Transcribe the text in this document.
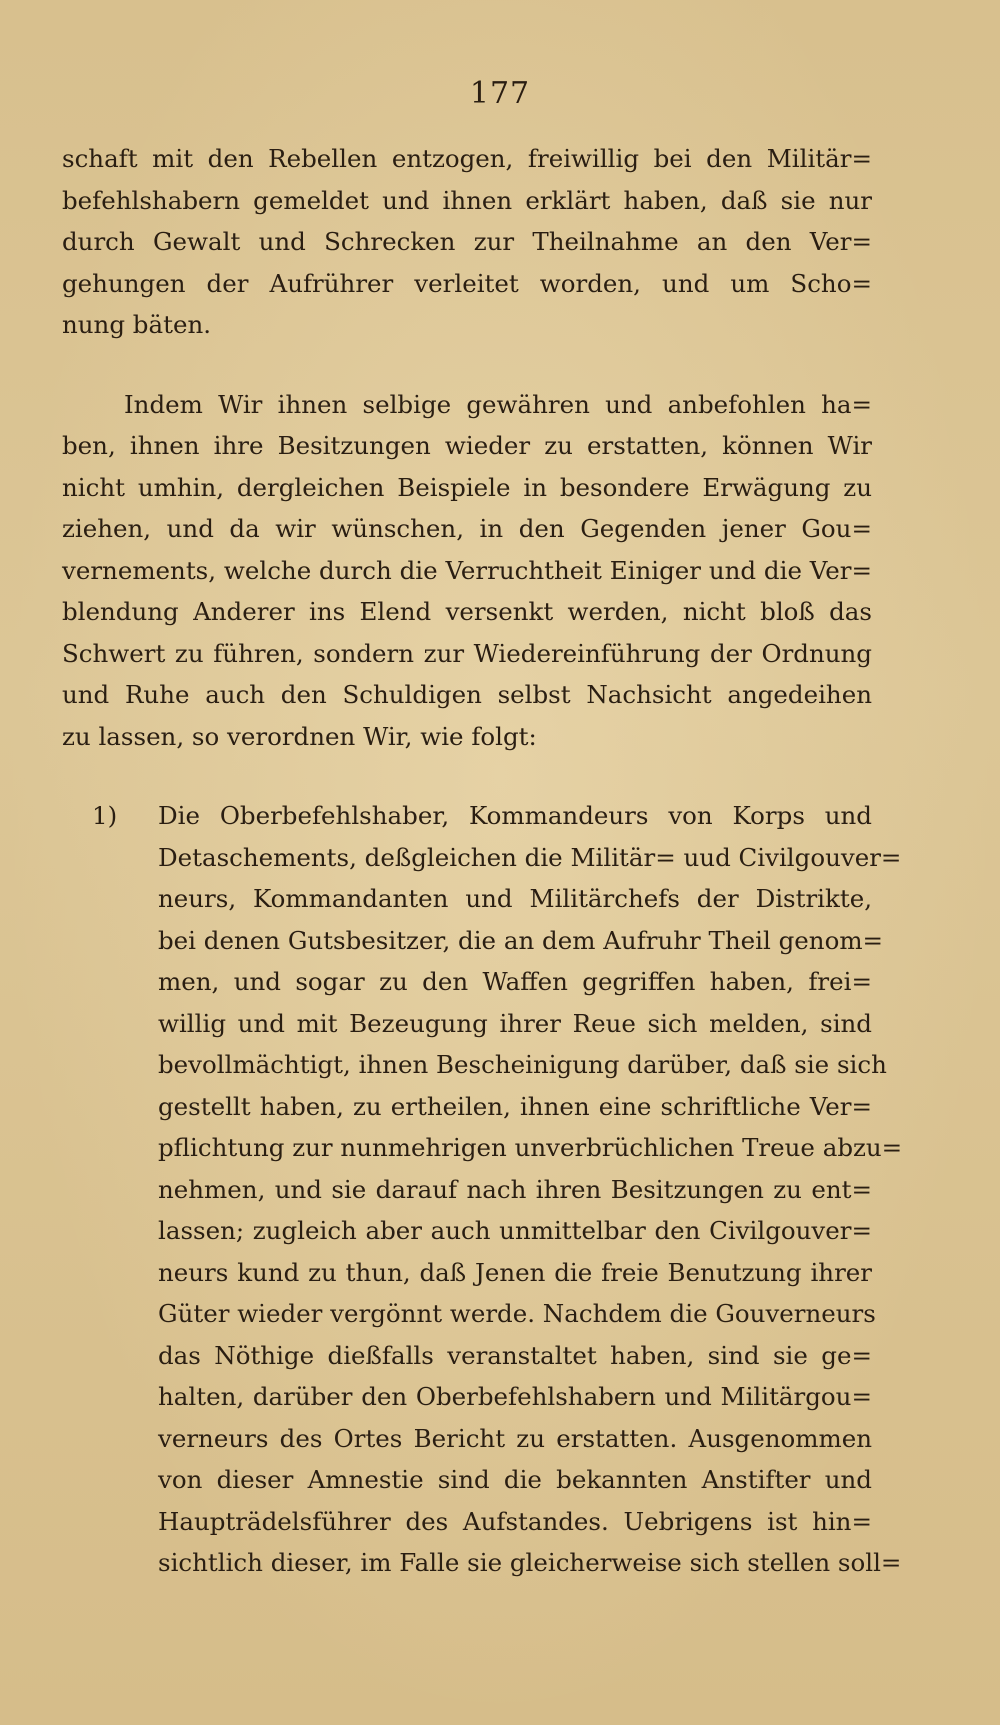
177
schaft mit den Rebellen entzogen, freiwillig bei den Militär=
befehlshabern gemeldet und ihnen erklärt haben, daß sie nur
durch Gewalt und Schrecken zur Theilnahme an den Ver=
gehungen der Aufrührer verleitet worden, und um Scho=
nung bäten.
Indem Wir ihnen selbige gewähren und anbefohlen ha=
ben, ihnen ihre Besitzungen wieder zu erstatten, können Wir
nicht umhin, dergleichen Beispiele in besondere Erwägung zu
ziehen, und da wir wünschen, in den Gegenden jener Gou=
vernements, welche durch die Verruchtheit Einiger und die Ver=
blendung Anderer ins Elend versenkt werden, nicht bloß das
Schwert zu führen, sondern zur Wiedereinführung der Ordnung
und Ruhe auch den Schuldigen selbst Nachsicht angedeihen
zu lassen, so verordnen Wir, wie folgt:
1)	Die Oberbefehlshaber, Kommandeurs von Korps und
Detaschements, deßgleichen die Militär= uud Civilgouver=
neurs, Kommandanten und Militärchefs der Distrikte,
bei denen Gutsbesitzer, die an dem Aufruhr Theil genom=
men, und sogar zu den Waffen gegriffen haben, frei=
willig und mit Bezeugung ihrer Reue sich melden, sind
bevollmächtigt, ihnen Bescheinigung darüber, daß sie sich
gestellt haben, zu ertheilen, ihnen eine schriftliche Ver=
pflichtung zur nunmehrigen unverbrüchlichen Treue abzu=
nehmen, und sie darauf nach ihren Besitzungen zu ent=
lassen; zugleich aber auch unmittelbar den Civilgouver=
neurs kund zu thun, daß Jenen die freie Benutzung ihrer
Güter wieder vergönnt werde. Nachdem die Gouverneurs
das Nöthige dießfalls veranstaltet haben, sind sie ge=
halten, darüber den Oberbefehlshabern und Militärgou=
verneurs des Ortes Bericht zu erstatten. Ausgenommen
von dieser Amnestie sind die bekannten Anstifter und
Haupträdelsführer des Aufstandes. Uebrigens ist hin=
sichtlich dieser, im Falle sie gleicherweise sich stellen soll=
